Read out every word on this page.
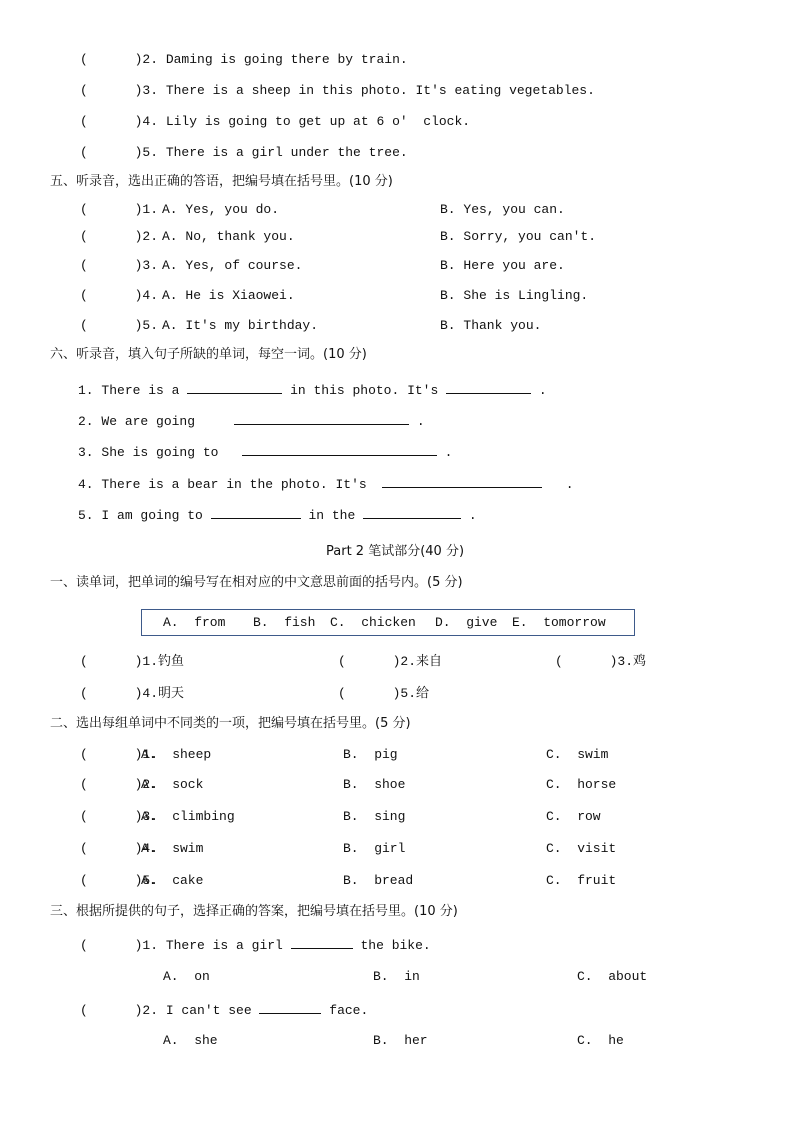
(      )2. Daming is going there by train.
(      )3. There is a sheep in this photo. It's eating vegetables.
(      )4. Lily is going to get up at 6 o'  clock.
(      )5. There is a girl under the tree.
五、听录音，选出正确的答语，把编号填在括号里。(10 分)
(      )1. A. Yes, you do.	B. Yes, you can.
(      )2. A. No, thank you.	B. Sorry, you can't.
(      )3. A. Yes, of course.	B. Here you are.
(      )4. A. He is Xiaowei.	B. She is Lingling.
(      )5. A. It's my birthday.	B. Thank you.
六、听录音，填入句子所缺的单词，每空一词。(10 分)
1. There is a	in this photo. It's	.
2. We are going	.
3. She is going to	.
4. There is a bear in the photo. It's	.
5. I am going to	in the	.
Part 2 笔试部分(40 分)
一、读单词，把单词的编号写在相对应的中文意思前面的括号内。(5 分)
A.  from B.  fish C.  chicken D.  give E.  tomorrow
(      )1.钓鱼	(      )2.来自	(      )3.鸡
(      )4.明天	(      )5.给
二、选出每组单词中不同类的一项，把编号填在括号里。(5 分)
(      )1.
A.  sheep	B.  pig	C.  swim
(      )2.
A.  sock	B.  shoe	C.  horse
(      )3.
A.  climbing	B.  sing	C.  row
(      )4.
A.  swim	B.  girl	C.  visit
(      )5.
A.  cake	B.  bread	C.  fruit
三、根据所提供的句子，选择正确的答案，把编号填在括号里。(10 分)
(      )1. There is a girl	the bike.
A.  on	B.  in	C.  about
(      )2. I can't see	face.
A.  she	B.  her	C.  he
